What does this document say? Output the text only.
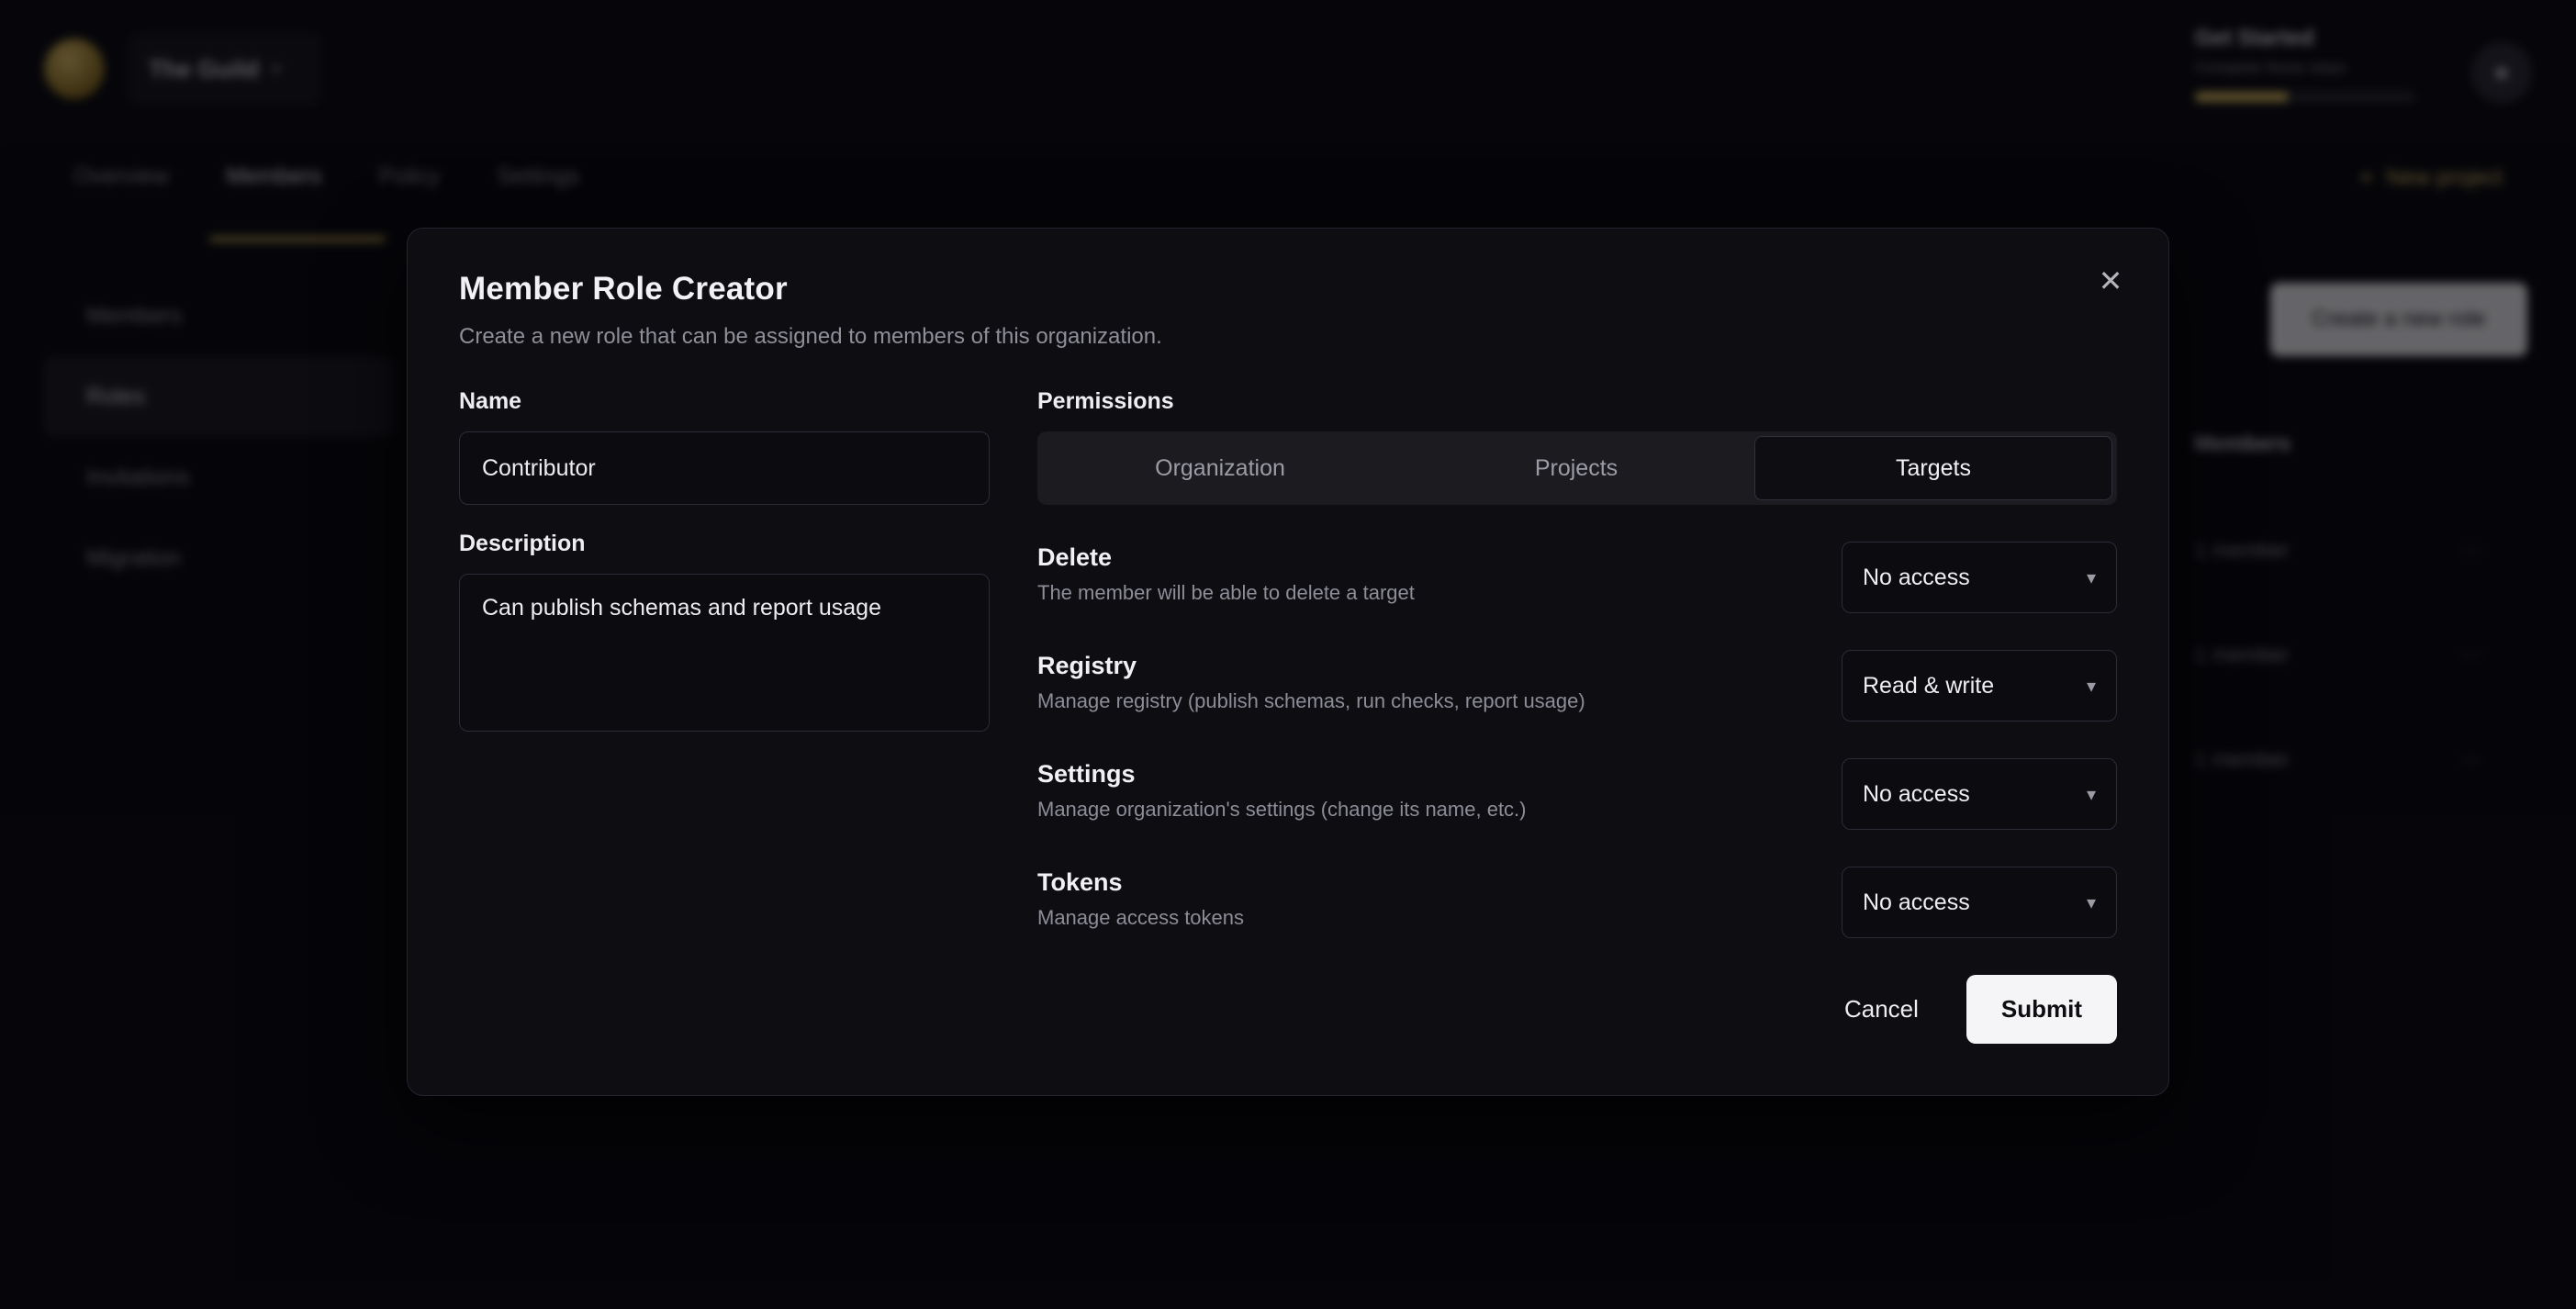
✕
Member Role Creator
Create a new role that can be assigned to members of this organization.
Name
Contributor
Description
Can publish schemas and report usage
Permissions
Organization	Projects	Targets
Delete
The member will be able to delete a target
No access	▾
Registry
Manage registry (publish schemas, run checks, report usage)
Read & write	▾
Settings
Manage organization's settings (change its name, etc.)
No access	▾
Tokens
Manage access tokens
No access	▾
Cancel	Submit
